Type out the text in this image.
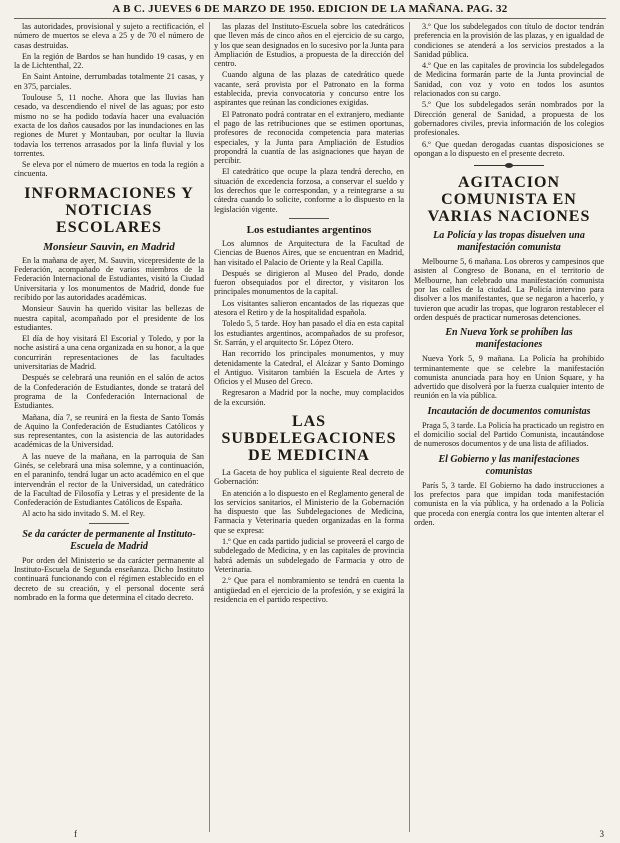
A B C. JUEVES 6 DE MARZO DE 1950. EDICION DE LA MAÑANA. PAG. 32

las autoridades, provisional y sujeto a rectificación, el número de muertos se eleva a 25 y de 70 el número de casas destruidas.

En la región de Bardos se han hundido 19 casas, y en la de Lichtenthal, 22.

En Saint Antoine, derrumbadas totalmente 21 casas, y en 375, parciales.

Toulouse 5, 11 noche. Ahora que las lluvias han cesado, va descendiendo el nivel de las aguas; por esto mismo no se ha podido todavía hacer una evaluación exacta de los daños causados por las inundaciones en las regiones de Muret y Montauban, por ocultar la lluvia todavía los terrenos arrasados por la linfa fluvial y los torrentes.

Se eleva por el número de muertos en toda la región a cincuenta.

INFORMACIONES Y NOTICIAS ESCOLARES
Monsieur Sauvin, en Madrid

En la mañana de ayer, M. Sauvin, vicepresidente de la Federación, acompañado de varios miembros de la Federación Internacional de Estudiantes, visitó la Ciudad Universitaria y los monumentos de Madrid, donde fue recibido por las autoridades académicas.

Monsieur Sauvin ha querido visitar las bellezas de nuestra capital, acompañado por el presidente de los estudiantes.

El día de hoy visitará El Escorial y Toledo, y por la noche asistirá a una cena organizada en su honor, a la que concurrirán representaciones de las facultades universitarias de Madrid.

Después se celebrará una reunión en el salón de actos de la Confederación de Estudiantes, donde se tratará del programa de la Confederación Internacional de Estudiantes.

Mañana, día 7, se reunirá en la fiesta de Santo Tomás de Aquino la Confederación de Estudiantes Católicos y sus representantes, con la asistencia de las autoridades académicas de la Universidad.

A las nueve de la mañana, en la parroquia de San Ginés, se celebrará una misa solemne, y a continuación, en el paraninfo, tendrá lugar un acto académico en el que intervendrán el rector de la Universidad, un catedrático de la Facultad de Filosofía y Letras y el presidente de la Confederación de Estudiantes Católicos de España.

Al acto ha sido invitado S. M. el Rey.

Se da carácter de permanente al Instituto-Escuela de Madrid

Por orden del Ministerio se da carácter permanente al Instituto-Escuela de Segunda enseñanza. Dicho Instituto continuará funcionando con el régimen establecido en el decreto de su creación, y el personal docente será nombrado en la forma que determina el citado decreto.

las plazas del Instituto-Escuela sobre los catedráticos que lleven más de cinco años en el ejercicio de su cargo, y los que sean designados en lo sucesivo por la Junta para Ampliación de Estudios, a propuesta de la dirección del centro.

Cuando alguna de las plazas de catedrático quede vacante, será provista por el Patronato en la forma establecida, previa convocatoria y concurso entre los aspirantes que reúnan las condiciones exigidas.

El Patronato podrá contratar en el extranjero, mediante el pago de las retribuciones que se estimen oportunas, profesores de reconocida competencia para materias especiales, y la Junta para Ampliación de Estudios propondrá la cuantía de las asignaciones que hayan de percibir.

El catedrático que ocupe la plaza tendrá derecho, en situación de excedencia forzosa, a conservar el sueldo y los derechos que le correspondan, y a reintegrarse a su cátedra cuando lo solicite, conforme a lo dispuesto en la legislación vigente.

Los estudiantes argentinos

Los alumnos de Arquitectura de la Facultad de Ciencias de Buenos Aires, que se encuentran en Madrid, han visitado el Palacio de Oriente y la Real Capilla.

Después se dirigieron al Museo del Prado, donde fueron obsequiados por el director, y visitaron los principales monumentos de la capital.

Los visitantes salieron encantados de las riquezas que atesora el Retiro y de la hospitalidad española.

Toledo 5, 5 tarde. Hoy han pasado el día en esta capital los estudiantes argentinos, acompañados de su profesor, Sr. Sarrán, y el arquitecto Sr. López Otero.

Han recorrido los principales monumentos, y muy detenidamente la Catedral, el Alcázar y Santo Domingo el Antiguo. Visitaron también la Escuela de Artes y Oficios y el Museo del Greco.

Regresaron a Madrid por la noche, muy complacidos de la excursión.

LAS SUBDELEGACIONES DE MEDICINA

La Gaceta de hoy publica el siguiente Real decreto de Gobernación:

En atención a lo dispuesto en el Reglamento general de los servicios sanitarios, el Ministerio de la Gobernación ha dispuesto que las Subdelegaciones de Medicina, Farmacia y Veterinaria queden organizadas en la forma que se expresa:

1.º Que en cada partido judicial se proveerá el cargo de subdelegado de Medicina, y en las capitales de provincia habrá además un subdelegado de Farmacia y otro de Veterinaria.

2.º Que para el nombramiento se tendrá en cuenta la antigüedad en el ejercicio de la profesión, y se exigirá la residencia en el partido respectivo.

3.º Que los subdelegados con título de doctor tendrán preferencia en la provisión de las plazas, y en igualdad de condiciones se atenderá a los servicios prestados a la Sanidad pública.

4.º Que en las capitales de provincia los subdelegados de Medicina formarán parte de la Junta provincial de Sanidad, con voz y voto en todos los asuntos relacionados con su cargo.

5.º Que los subdelegados serán nombrados por la Dirección general de Sanidad, a propuesta de los gobernadores civiles, previa información de los colegios profesionales.

6.º Que quedan derogadas cuantas disposiciones se opongan a lo dispuesto en el presente decreto.

AGITACION COMUNISTA EN VARIAS NACIONES
La Policía y las tropas disuelven una manifestación comunista

Melbourne 5, 6 mañana. Los obreros y campesinos que asisten al Congreso de Bonana, en el territorio de Melbourne, han celebrado una manifestación comunista por las calles de la ciudad. La Policía intervino para disolver a los manifestantes, que se negaron a hacerlo, y tuvieron que acudir las tropas, que lograron restablecer el orden después de practicar numerosas detenciones.

En Nueva York se prohíben las manifestaciones

Nueva York 5, 9 mañana. La Policía ha prohibido terminantemente que se celebre la manifestación comunista anunciada para hoy en Union Square, y ha advertido que disolverá por la fuerza cualquier intento de reunión en la vía pública.

Incautación de documentos comunistas

Praga 5, 3 tarde. La Policía ha practicado un registro en el domicilio social del Partido Comunista, incautándose de numerosos documentos y de una lista de afiliados.

El Gobierno y las manifestaciones comunistas

París 5, 3 tarde. El Gobierno ha dado instrucciones a los prefectos para que impidan toda manifestación comunista en la vía pública, y ha ordenado a la Policía que proceda con energía contra los que intenten alterar el orden.

f	3
